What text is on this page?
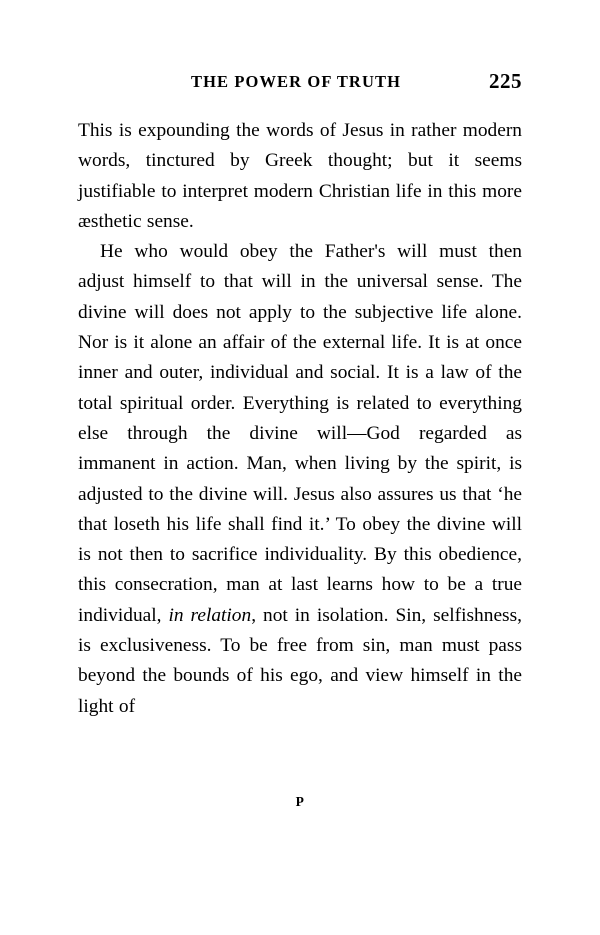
THE POWER OF TRUTH	225

This is expounding the words of Jesus in rather modern words, tinctured by Greek thought; but it seems justifiable to interpret modern Christian life in this more æsthetic sense.

He who would obey the Father's will must then adjust himself to that will in the universal sense. The divine will does not apply to the subjective life alone. Nor is it alone an affair of the external life. It is at once inner and outer, individual and social. It is a law of the total spiritual order. Everything is related to everything else through the divine will—God regarded as immanent in action. Man, when living by the spirit, is adjusted to the divine will. Jesus also assures us that ‘he that loseth his life shall find it.’ To obey the divine will is not then to sacrifice individuality. By this obedience, this consecration, man at last learns how to be a true individual, in relation, not in isolation. Sin, selfishness, is exclusiveness. To be free from sin, man must pass beyond the bounds of his ego, and view himself in the light of

P
